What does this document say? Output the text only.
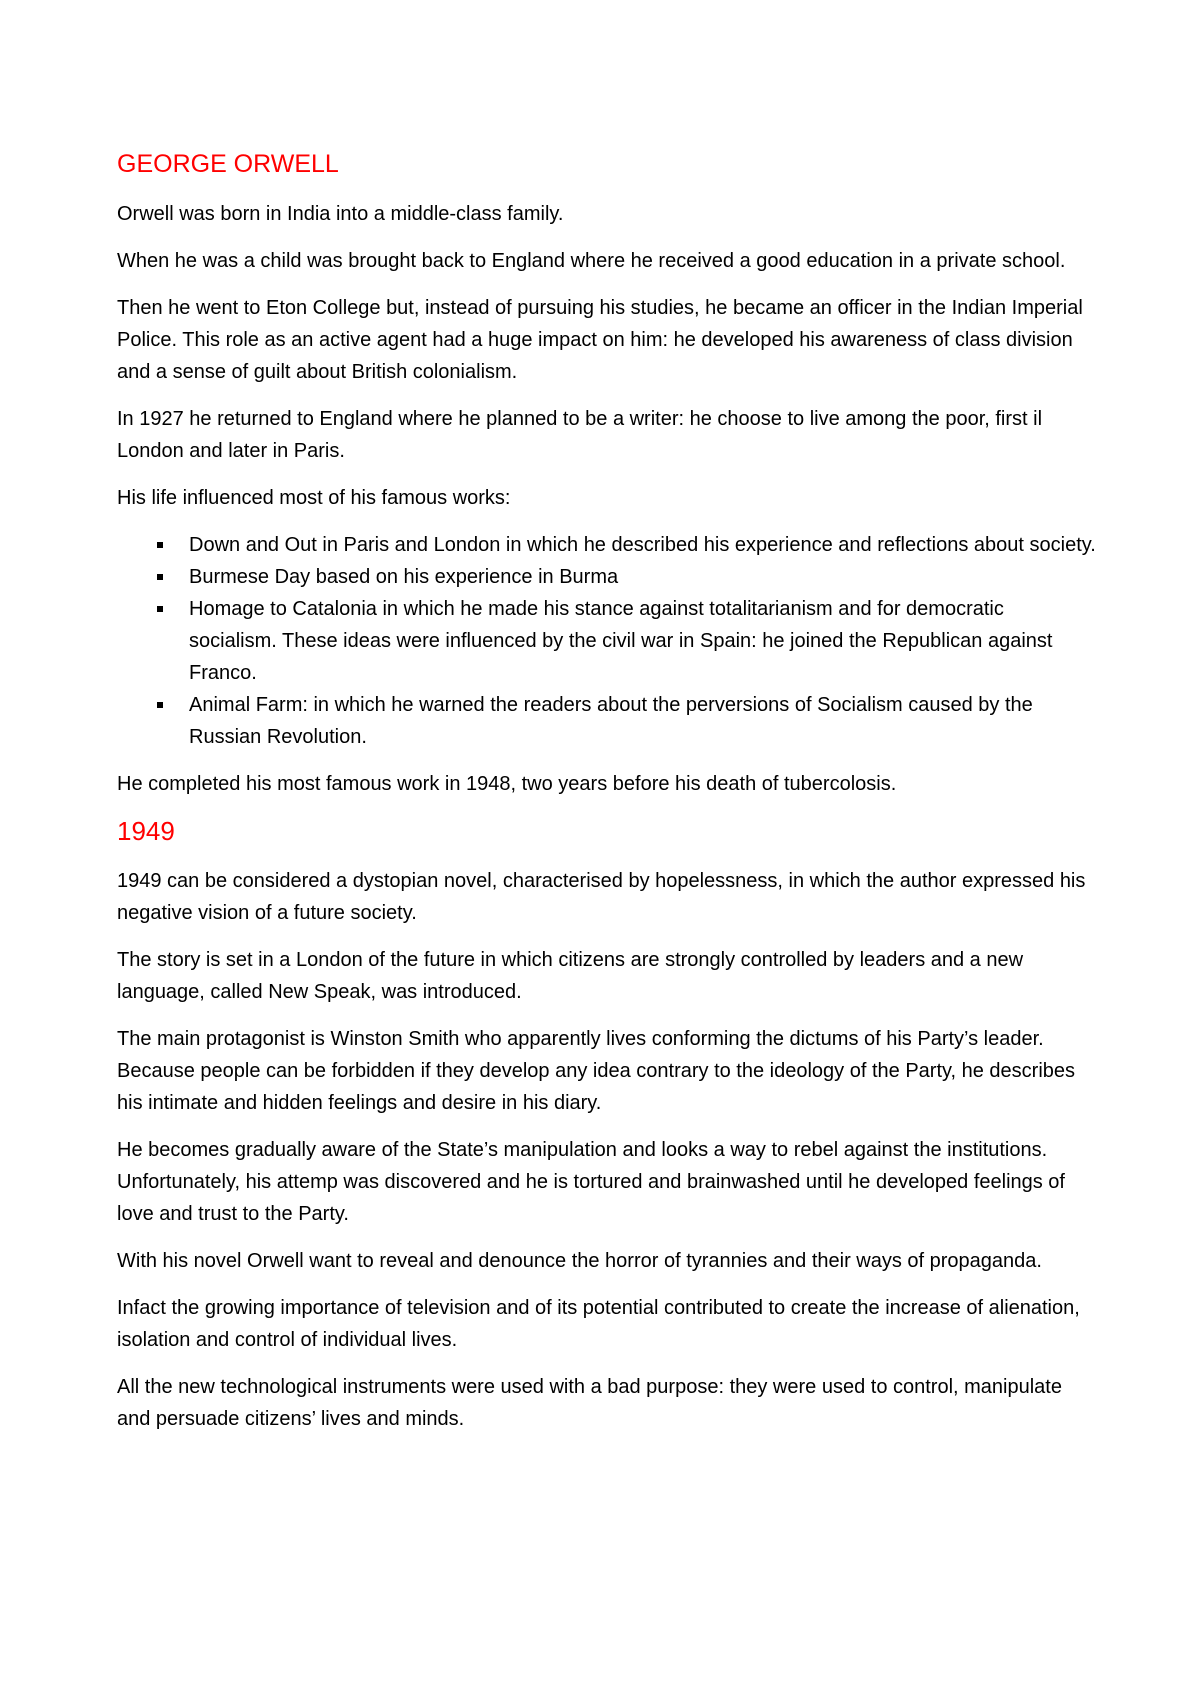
GEORGE ORWELL

Orwell was born in India into a middle-class family.

When he was a child was brought back to England where he received a good education in a private school.

Then he went to Eton College but, instead of pursuing his studies, he became an officer in the Indian Imperial Police. This role as an active agent had a huge impact on him: he developed his awareness of class division and a sense of guilt about British colonialism.

In 1927 he returned to England where he planned to be a writer: he choose to live among the poor, first il London and later in Paris.

His life influenced most of his famous works:

Down and Out in Paris and London in which he described his experience and reflections about society.
Burmese Day based on his experience in Burma
Homage to Catalonia in which he made his stance against totalitarianism and for democratic socialism. These ideas were influenced by the civil war in Spain: he joined the Republican against Franco.
Animal Farm: in which he warned the readers about the perversions of Socialism caused by the Russian Revolution.

He completed his most famous work in 1948, two years before his death of tubercolosis.

1949

1949 can be considered a dystopian novel, characterised by hopelessness, in which the author expressed his negative vision of a future society.

The story is set in a London of the future in which citizens are strongly controlled by leaders and a new language, called New Speak, was introduced.

The main protagonist is Winston Smith who apparently lives conforming the dictums of his Party’s leader. Because people can be forbidden if they develop any idea contrary to the ideology of the Party, he describes his intimate and hidden feelings and desire in his diary.

He becomes gradually aware of the State’s manipulation and looks a way to rebel against the institutions. Unfortunately, his attemp was discovered and he is tortured and brainwashed until he developed feelings of love and trust to the Party.

With his novel Orwell want to reveal and denounce the horror of tyrannies and their ways of propaganda.

Infact the growing importance of television and of its potential contributed to create the increase of alienation, isolation and control of individual lives.

All the new technological instruments were used with a bad purpose: they were used to control, manipulate and persuade citizens’ lives and minds.
